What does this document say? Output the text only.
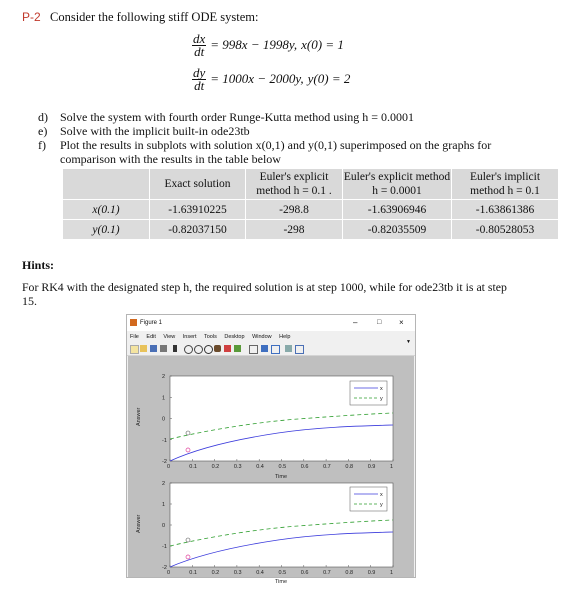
P-2 Consider the following stiff ODE system:
$\frac{dx}{dt} = 998x - 1998y$, x(0) = 1
$\frac{dy}{dt} = 1000x - 2000y$, y(0) = 2
d) Solve the system with fourth order Runge-Kutta method using h = 0.0001
e) Solve with the implicit built-in ode23tb
f) Plot the results in subplots with solution x(0,1) and y(0,1) superimposed on the graphs for
comparison with the results in the table below
	Exact solution	Euler's explicit method h = 0.1 .	Euler's explicit method h = 0.0001	Euler's implicit method h = 0.1
x(0.1)	-1.63910225	-298.8	-1.63906946	-1.63861386
y(0.1)	-0.82037150	-298	-0.82035509	-0.80528053
Hints:
For RK4 with the designated step h, the required solution is at step 1000, while for ode23tb it is at step
15.
Figure 1	–	□ ×
File Edit View Insert Tools Desktop Window Help
▼
0	0.1	0.2	0.3	0.4	0.5	0.6	0.7	0.8	0.9	1
2
1
0
-1
-2
x
y
Answer
Time
0	0.1	0.2	0.3	0.4	0.5	0.6	0.7	0.8	0.9	1
2
1
0
-1
-2
x
y
Answer
Time
